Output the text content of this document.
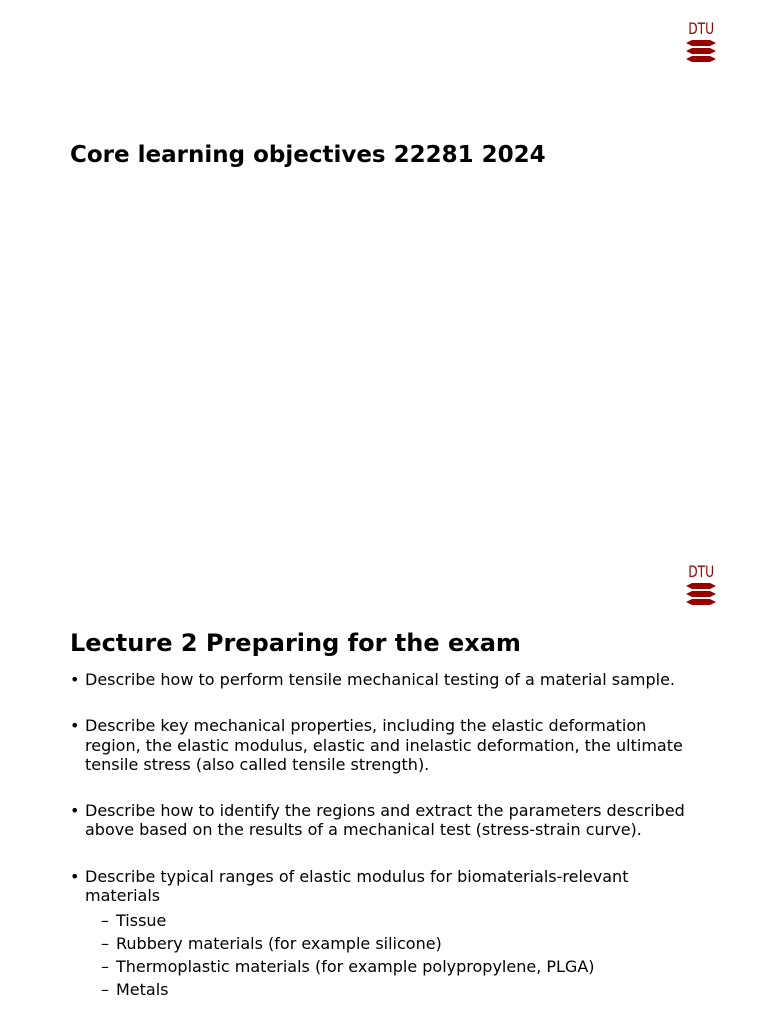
DTU
Core learning objectives 22281 2024
DTU
Lecture 2 Preparing for the exam
• Describe how to perform tensile mechanical testing of a material sample.
• Describe key mechanical properties, including the elastic deformation region, the elastic modulus, elastic and inelastic deformation, the ultimate tensile stress (also called tensile strength).
• Describe how to identify the regions and extract the parameters described above based on the results of a mechanical test (stress-strain curve).
• Describe typical ranges of elastic modulus for biomaterials-relevant materials
– Tissue
– Rubbery materials (for example silicone)
– Thermoplastic materials (for example polypropylene, PLGA)
– Metals
